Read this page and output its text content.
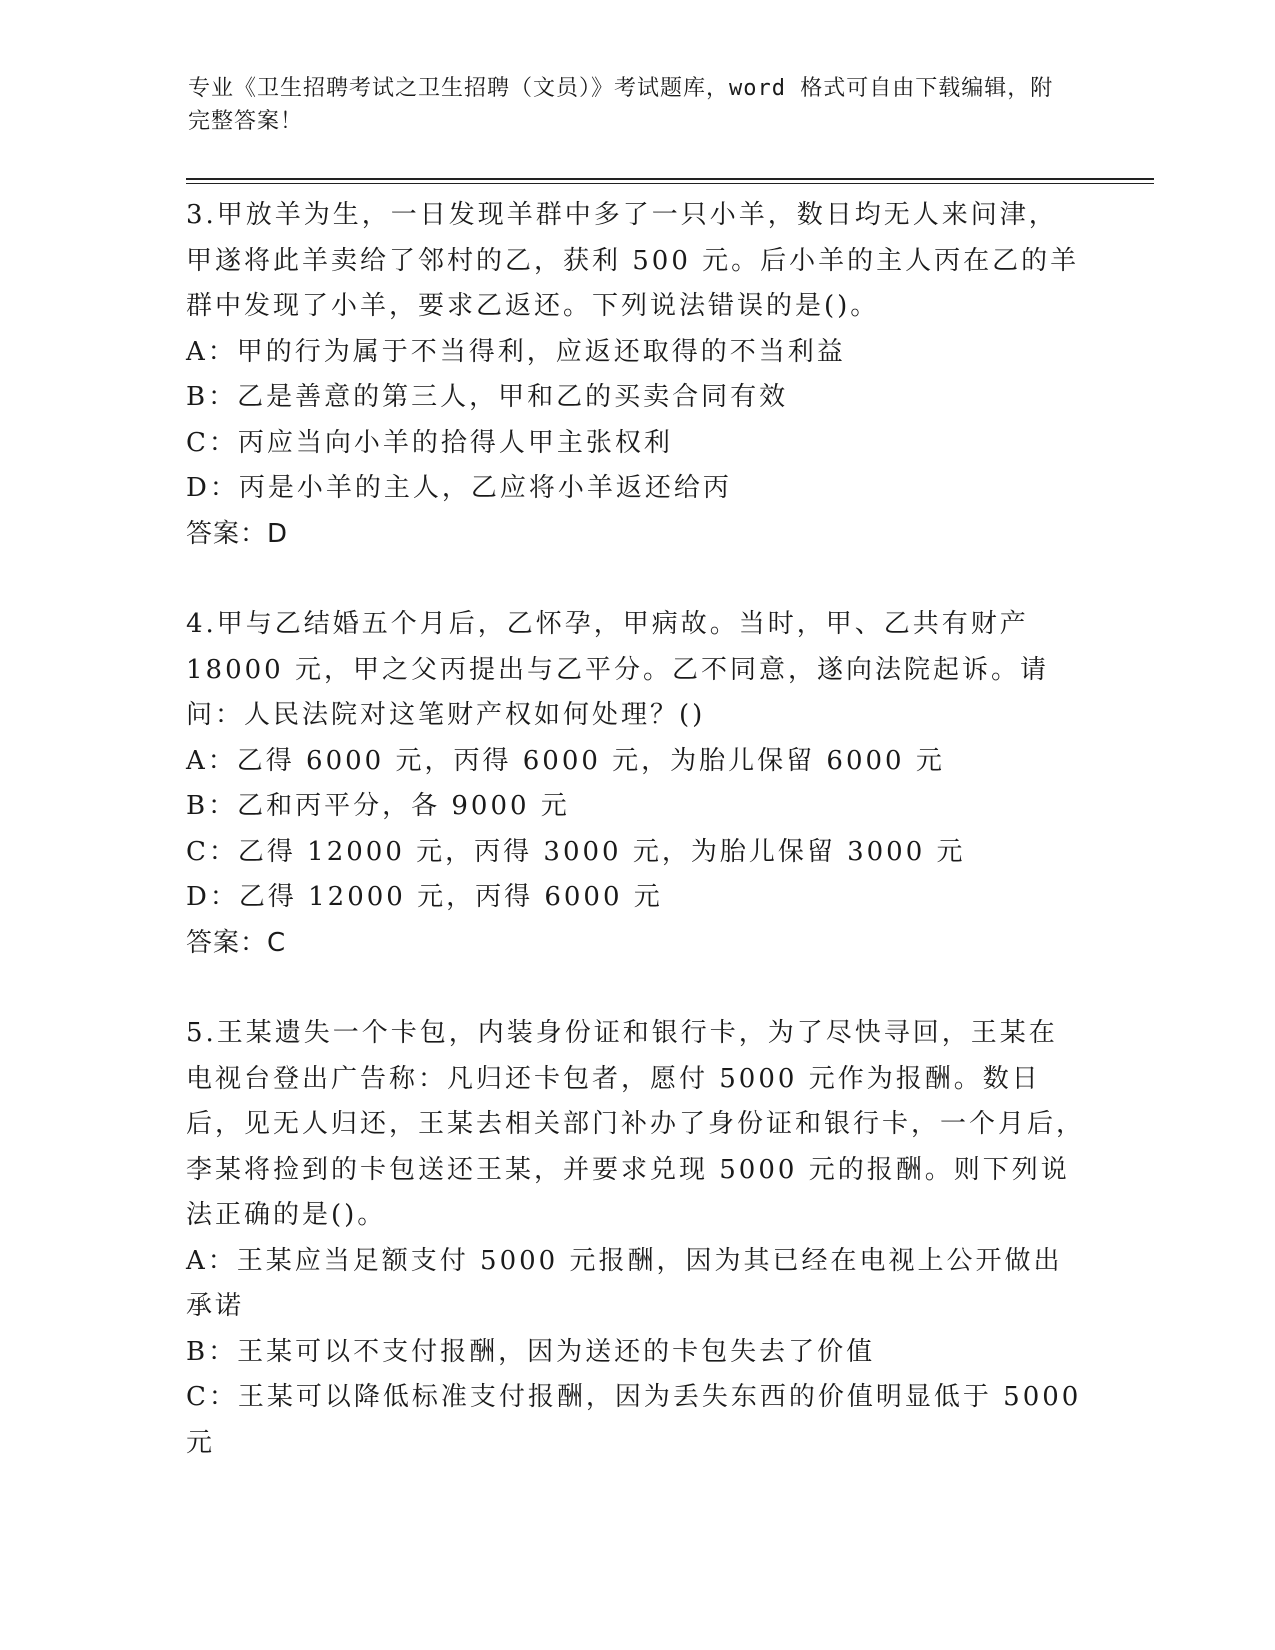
专业《卫生招聘考试之卫生招聘（文员）》考试题库，word 格式可自由下载编辑，附完整答案！

3.甲放羊为生，一日发现羊群中多了一只小羊，数日均无人来问津，甲遂将此羊卖给了邻村的乙，获利 500 元。后小羊的主人丙在乙的羊群中发现了小羊，要求乙返还。下列说法错误的是()。

A：甲的行为属于不当得利，应返还取得的不当利益

B：乙是善意的第三人，甲和乙的买卖合同有效

C：丙应当向小羊的拾得人甲主张权利

D：丙是小羊的主人，乙应将小羊返还给丙

答案：D

4.甲与乙结婚五个月后，乙怀孕，甲病故。当时，甲、乙共有财产18000 元，甲之父丙提出与乙平分。乙不同意，遂向法院起诉。请问：人民法院对这笔财产权如何处理？()

A：乙得 6000 元，丙得 6000 元，为胎儿保留 6000 元

B：乙和丙平分，各 9000 元

C：乙得 12000 元，丙得 3000 元，为胎儿保留 3000 元

D：乙得 12000 元，丙得 6000 元

答案：C

5.王某遗失一个卡包，内装身份证和银行卡，为了尽快寻回，王某在电视台登出广告称：凡归还卡包者，愿付 5000 元作为报酬。数日后，见无人归还，王某去相关部门补办了身份证和银行卡，一个月后，李某将捡到的卡包送还王某，并要求兑现 5000 元的报酬。则下列说法正确的是()。

A：王某应当足额支付 5000 元报酬，因为其已经在电视上公开做出承诺

B：王某可以不支付报酬，因为送还的卡包失去了价值

C：王某可以降低标准支付报酬，因为丢失东西的价值明显低于 5000 元
